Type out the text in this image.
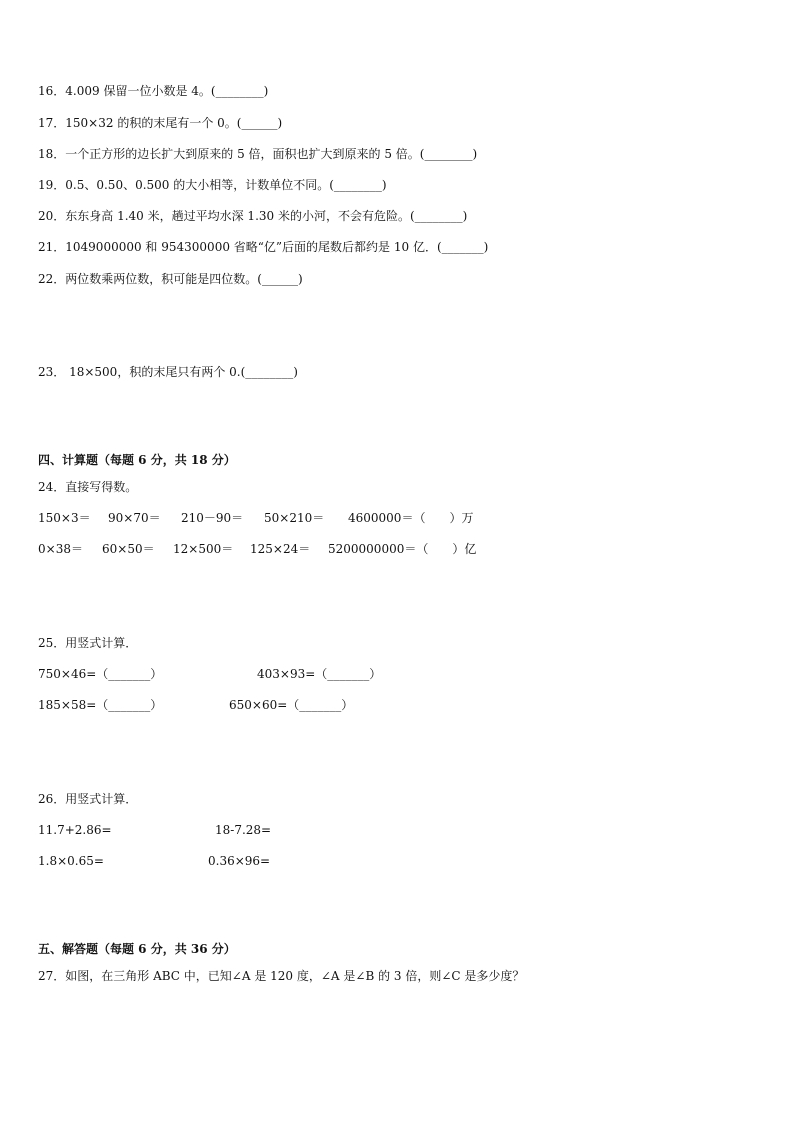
16．4.009 保留一位小数是 4。(________)
17．150×32 的积的末尾有一个 0。(______)
18．一个正方形的边长扩大到原来的 5 倍，面积也扩大到原来的 5 倍。(________)
19．0.5、0.50、0.500 的大小相等，计数单位不同。(________)
20．东东身高 1.40 米，趟过平均水深 1.30 米的小河，不会有危险。(________)
21．1049000000 和 954300000 省略“亿”后面的尾数后都约是 10 亿．(_______)
22．两位数乘两位数，积可能是四位数。(______)
23． 18×500，积的末尾只有两个 0.(________)
四、计算题（每题 6 分，共 18 分）
24．直接写得数。
150×3＝ 90×70＝ 210－90＝ 50×210＝ 4600000＝（　　）万
0×38＝ 60×50＝ 12×500＝ 125×24＝ 5200000000＝（　　）亿
25．用竖式计算．
750×46=（_______）	403×93=（_______）
185×58=（_______）	650×60=（_______）
26．用竖式计算．
11.7+2.86=	18-7.28=
1.8×0.65=	0.36×96=
五、解答题（每题 6 分，共 36 分）
27．如图，在三角形 ABC 中，已知∠A 是 120 度，∠A 是∠B 的 3 倍，则∠C 是多少度？
